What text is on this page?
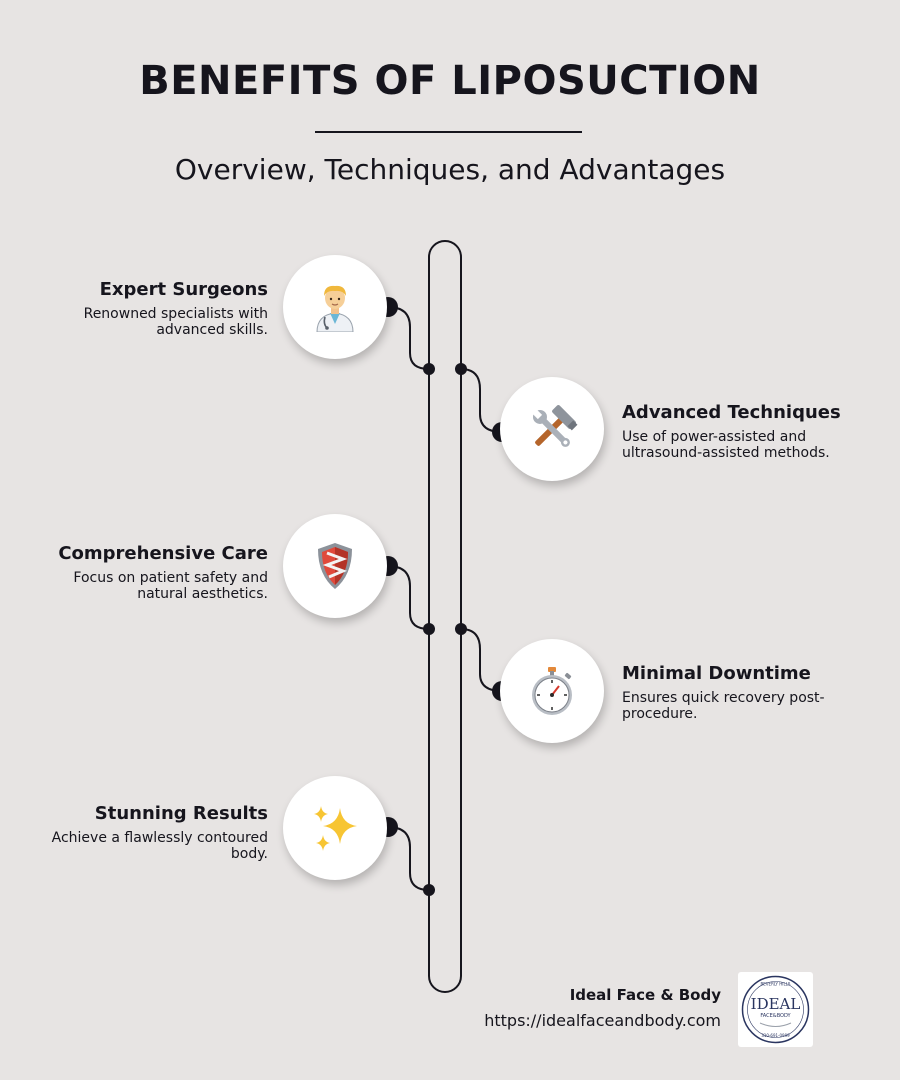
BENEFITS OF LIPOSUCTION
Overview, Techniques, and Advantages

Expert Surgeons

Renowned specialists with advanced skills.

Advanced Techniques

Use of power-assisted and ultrasound-assisted methods.

Comprehensive Care

Focus on patient safety and natural aesthetics.

Minimal Downtime

Ensures quick recovery post-procedure.

Stunning Results

Achieve a flawlessly contoured body.

Ideal Face & Body
https://idealfaceandbody.com
BEVERLY HILLS
IDEAL
FACE&BODY
310-691-0999
